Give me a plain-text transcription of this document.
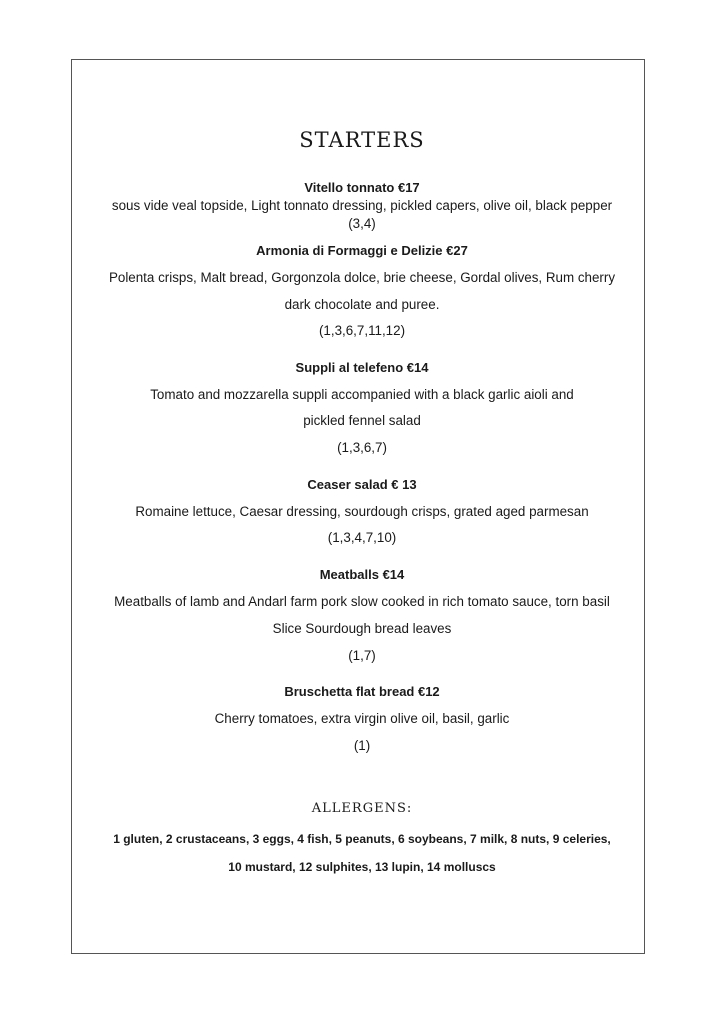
STARTERS
Vitello tonnato €17
sous vide veal topside, Light tonnato dressing, pickled capers, olive oil, black pepper
(3,4)
Armonia di Formaggi e Delizie €27
Polenta crisps, Malt bread, Gorgonzola dolce, brie cheese, Gordal olives, Rum cherry
dark chocolate and puree.
(1,3,6,7,11,12)
Suppli al telefeno €14
Tomato and mozzarella suppli accompanied with a black garlic aioli and
pickled fennel salad
(1,3,6,7)
Ceaser salad € 13
Romaine lettuce, Caesar dressing, sourdough crisps, grated aged parmesan
(1,3,4,7,10)
Meatballs €14
Meatballs of lamb and Andarl farm pork slow cooked in rich tomato sauce, torn basil
Slice Sourdough bread leaves
(1,7)
Bruschetta flat bread €12
Cherry tomatoes, extra virgin olive oil, basil, garlic
(1)
ALLERGENS:
1 gluten, 2 crustaceans, 3 eggs, 4 fish, 5 peanuts, 6 soybeans, 7 milk, 8 nuts, 9 celeries,
10 mustard, 12 sulphites, 13 lupin, 14 molluscs
